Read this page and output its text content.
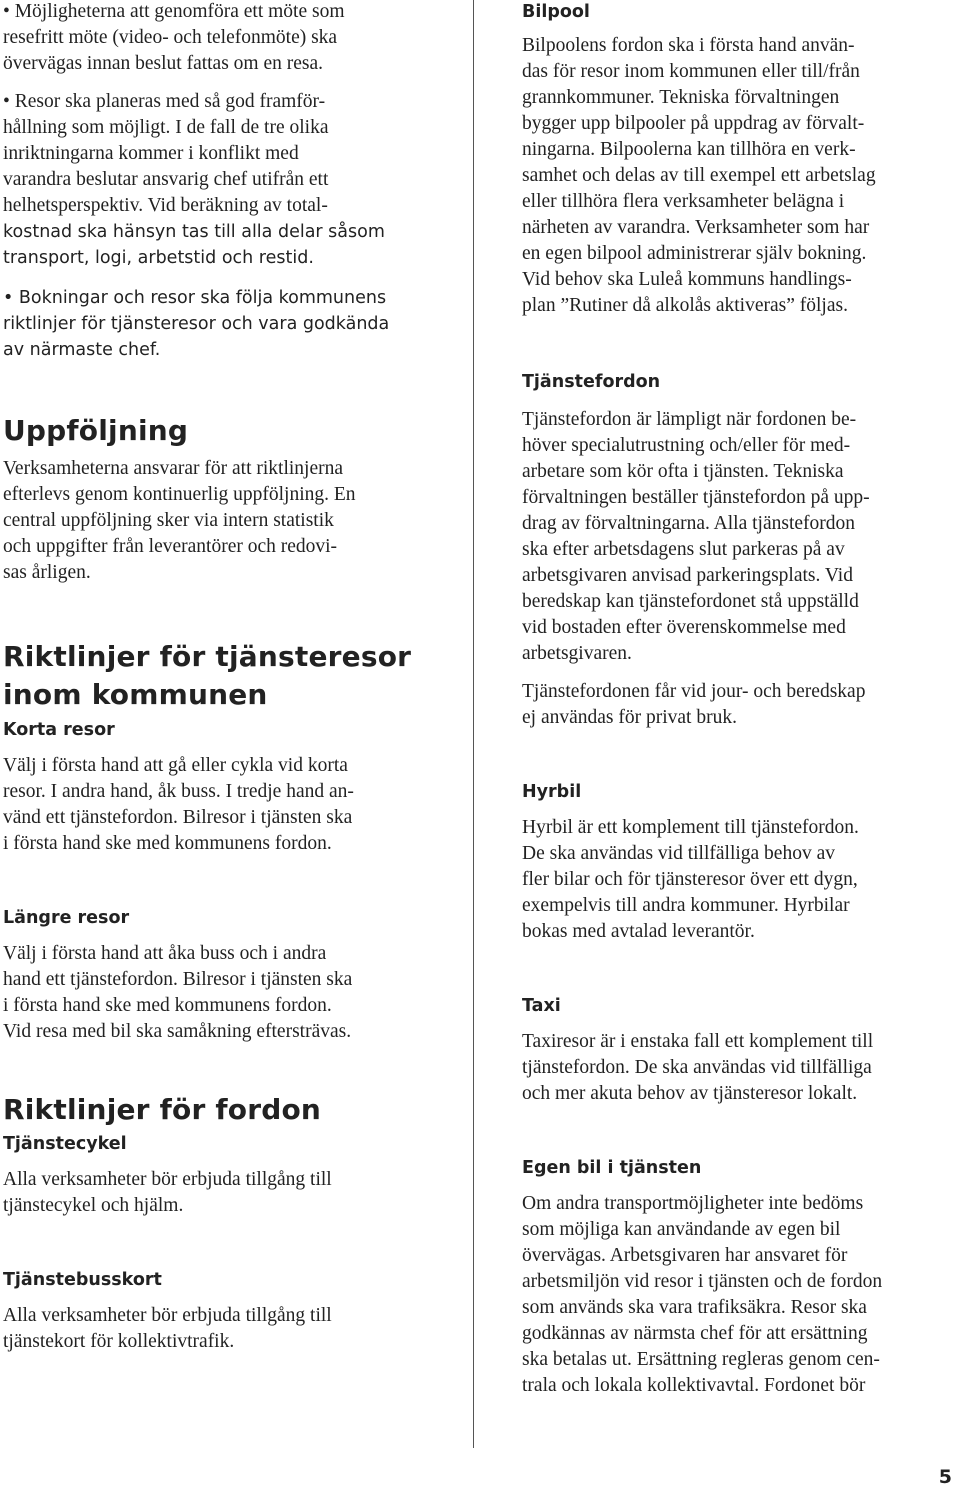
• Möjligheterna att genomföra ett möte som
resefritt möte (video- och telefonmöte) ska
övervägas innan beslut fattas om en resa.
• Resor ska planeras med så god framför-
hållning som möjligt. I de fall de tre olika
inriktningarna kommer i konflikt med
varandra beslutar ansvarig chef utifrån ett
helhetsperspektiv. Vid beräkning av total-
kostnad ska hänsyn tas till alla delar såsom
transport, logi, arbetstid och restid.
• Bokningar och resor ska följa kommunens
riktlinjer för tjänsteresor och vara godkända
av närmaste chef.
Uppföljning
Verksamheterna ansvarar för att riktlinjerna
efterlevs genom kontinuerlig uppföljning. En
central uppföljning sker via intern statistik
och uppgifter från leverantörer och redovi-
sas årligen.
Riktlinjer för tjänsteresor
inom kommunen
Korta resor
Välj i första hand att gå eller cykla vid korta
resor. I andra hand, åk buss. I tredje hand an-
vänd ett tjänstefordon. Bilresor i tjänsten ska
i första hand ske med kommunens fordon.
Längre resor
Välj i första hand att åka buss och i andra
hand ett tjänstefordon. Bilresor i tjänsten ska
i första hand ske med kommunens fordon.
Vid resa med bil ska samåkning eftersträvas.
Riktlinjer för fordon
Tjänstecykel
Alla verksamheter bör erbjuda tillgång till
tjänstecykel och hjälm.
Tjänstebusskort
Alla verksamheter bör erbjuda tillgång till
tjänstekort för kollektivtrafik.
Bilpool
Bilpoolens fordon ska i första hand använ-
das för resor inom kommunen eller till/från
grannkommuner. Tekniska förvaltningen
bygger upp bilpooler på uppdrag av förvalt-
ningarna. Bilpoolerna kan tillhöra en verk-
samhet och delas av till exempel ett arbetslag
eller tillhöra flera verksamheter belägna i
närheten av varandra. Verksamheter som har
en egen bilpool administrerar själv bokning.
Vid behov ska Luleå kommuns handlings-
plan ”Rutiner då alkolås aktiveras” följas.
Tjänstefordon
Tjänstefordon är lämpligt när fordonen be-
höver specialutrustning och/eller för med-
arbetare som kör ofta i tjänsten. Tekniska
förvaltningen beställer tjänstefordon på upp-
drag av förvaltningarna. Alla tjänstefordon
ska efter arbetsdagens slut parkeras på av
arbetsgivaren anvisad parkeringsplats. Vid
beredskap kan tjänstefordonet stå uppställd
vid bostaden efter överenskommelse med
arbetsgivaren.
Tjänstefordonen får vid jour- och beredskap
ej användas för privat bruk.
Hyrbil
Hyrbil är ett komplement till tjänstefordon.
De ska användas vid tillfälliga behov av
fler bilar och för tjänsteresor över ett dygn,
exempelvis till andra kommuner. Hyrbilar
bokas med avtalad leverantör.
Taxi
Taxiresor är i enstaka fall ett komplement till
tjänstefordon. De ska användas vid tillfälliga
och mer akuta behov av tjänsteresor lokalt.
Egen bil i tjänsten
Om andra transportmöjligheter inte bedöms
som möjliga kan användande av egen bil
övervägas. Arbetsgivaren har ansvaret för
arbetsmiljön vid resor i tjänsten och de fordon
som används ska vara trafiksäkra. Resor ska
godkännas av närmsta chef för att ersättning
ska betalas ut. Ersättning regleras genom cen-
trala och lokala kollektivavtal. Fordonet bör
5
